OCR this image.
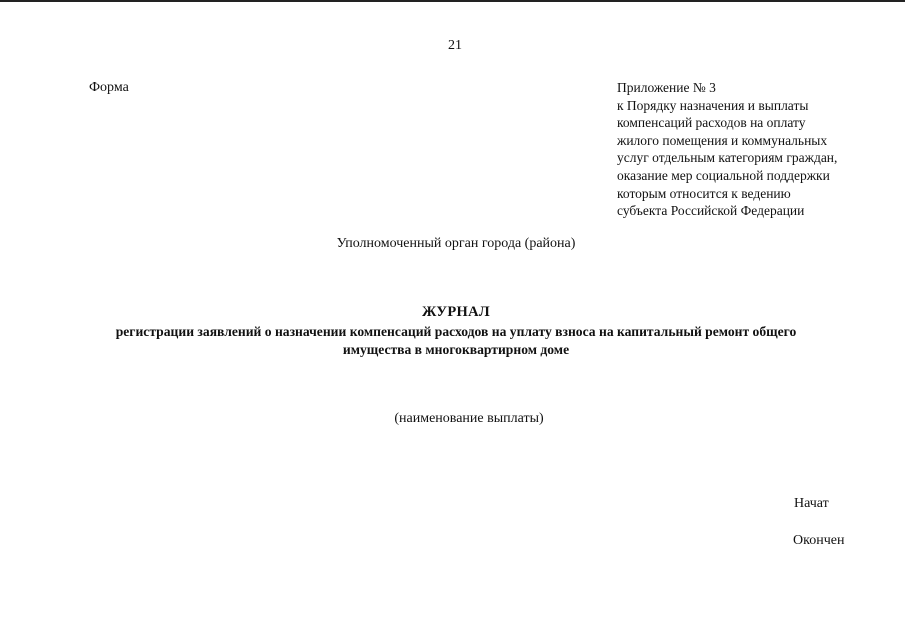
21
Форма	Приложение № 3
к Порядку назначения и выплаты
компенсаций расходов на оплату
жилого помещения и коммунальных
услуг отдельным категориям граждан,
оказание мер социальной поддержки
которым относится к ведению
субъекта Российской Федерации
Уполномоченный орган города (района)
ЖУРНАЛ
регистрации заявлений о назначении компенсаций расходов на уплату взноса на капитальный ремонт общего
имущества в многоквартирном доме
(наименование выплаты)
Начат
Окончен
